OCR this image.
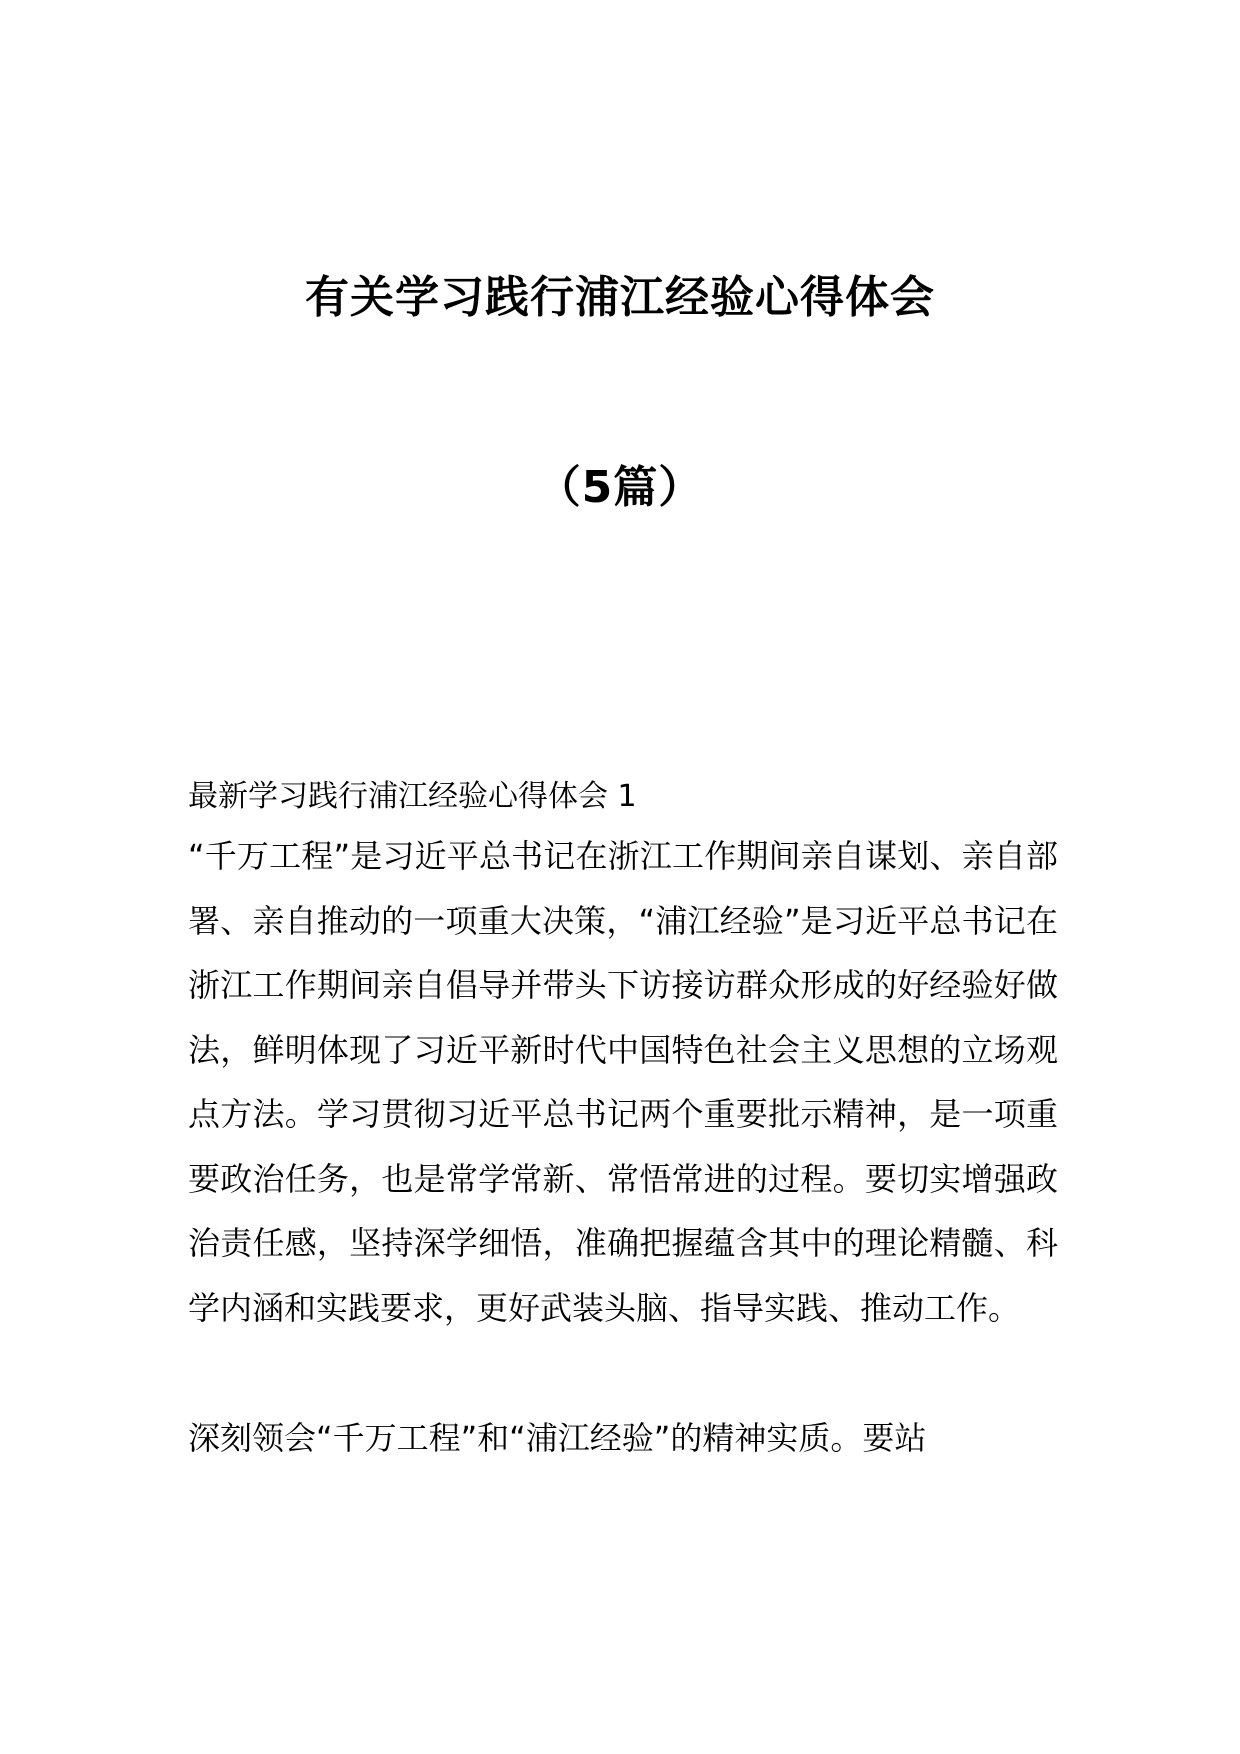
有关学习践行浦江经验心得体会
（5篇）
最新学习践行浦江经验心得体会 1

“千万工程”是习近平总书记在浙江工作期间亲自谋划、亲自部署、亲自推动的一项重大决策，“浦江经验”是习近平总书记在浙江工作期间亲自倡导并带头下访接访群众形成的好经验好做法，鲜明体现了习近平新时代中国特色社会主义思想的立场观点方法。学习贯彻习近平总书记两个重要批示精神，是一项重要政治任务，也是常学常新、常悟常进的过程。要切实增强政治责任感，坚持深学细悟，准确把握蕴含其中的理论精髓、科学内涵和实践要求，更好武装头脑、指导实践、推动工作。

深刻领会“千万工程”和“浦江经验”的精神实质。要站
